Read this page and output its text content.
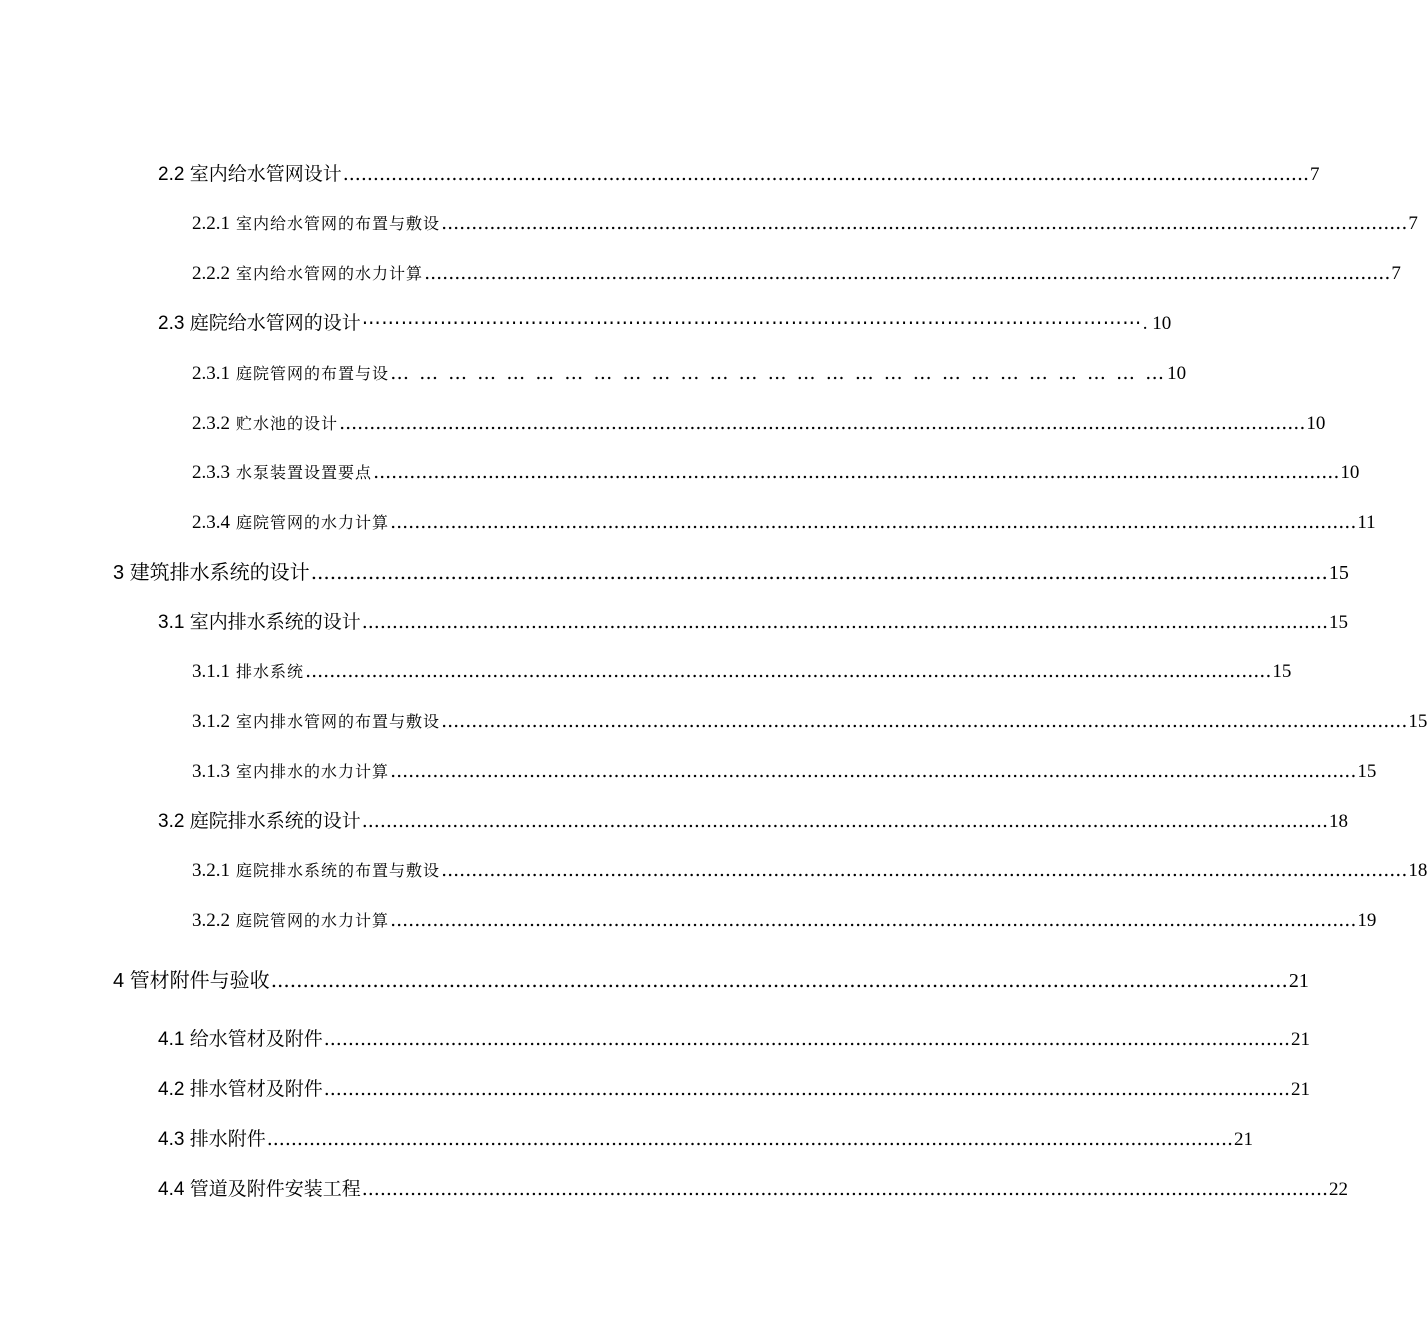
2.2 室内给水管网设计 ................................................................................................................................................................ 7
2.2.1 室内给水管网的布置与敷设 ................................................................................................................................................................ 7
2.2.2 室内给水管网的水力计算 ................................................................................................................................................................ 7
2.3 庭院给水管网的设计 ⋯⋯⋯⋯⋯⋯⋯⋯⋯⋯⋯⋯⋯⋯⋯⋯⋯⋯⋯⋯⋯⋯⋯⋯⋯⋯⋯⋯⋯⋯⋯⋯⋯⋯⋯⋯⋯⋯⋯⋯ . 10
2.3.1 庭院管网的布置与设 … … … … … … … … … … … … … … … … … … … … … … … … … … … 10
2.3.2 贮水池的设计 ................................................................................................................................................................ 10
2.3.3 水泵装置设置要点 ................................................................................................................................................................ 10
2.3.4 庭院管网的水力计算 ................................................................................................................................................................ 11
3 建筑排水系统的设计 ................................................................................................................................................................ 15
3.1 室内排水系统的设计 ................................................................................................................................................................ 15
3.1.1 排水系统 ................................................................................................................................................................ 15
3.1.2 室内排水管网的布置与敷设 ................................................................................................................................................................ 15
3.1.3 室内排水的水力计算 ................................................................................................................................................................ 15
3.2 庭院排水系统的设计 ................................................................................................................................................................ 18
3.2.1 庭院排水系统的布置与敷设 ................................................................................................................................................................ 18
3.2.2 庭院管网的水力计算 ................................................................................................................................................................ 19
4 管材附件与验收 ................................................................................................................................................................ 21
4.1 给水管材及附件 ................................................................................................................................................................ 21
4.2 排水管材及附件 ................................................................................................................................................................ 21
4.3 排水附件 ................................................................................................................................................................ 21
4.4 管道及附件安装工程 ................................................................................................................................................................ 22
